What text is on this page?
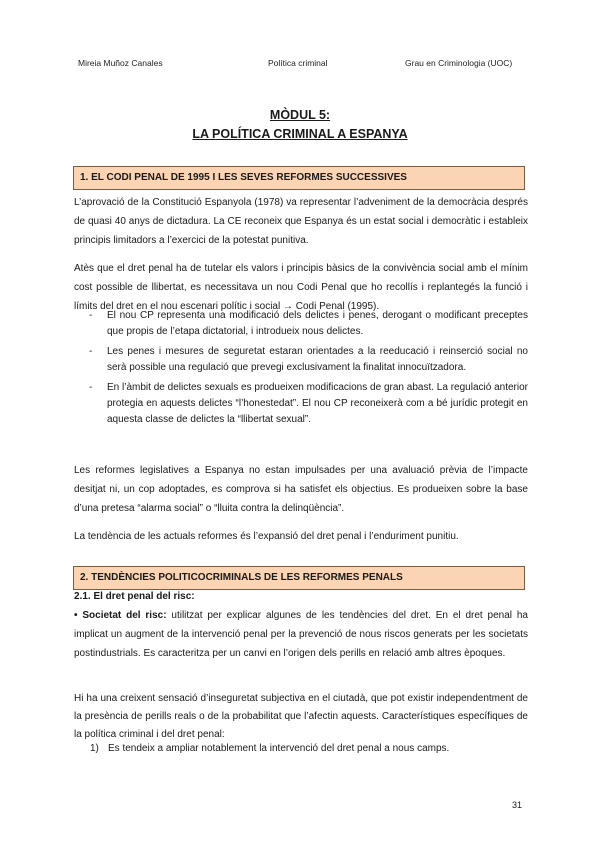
Mireia Muñoz Canales	Política criminal	Grau en Criminologia (UOC)
MÒDUL 5:
LA POLÍTICA CRIMINAL A ESPANYA
1. EL CODI PENAL DE 1995 I LES SEVES REFORMES SUCCESSIVES

L’aprovació de la Constitució Espanyola (1978) va representar l’adveniment de la democràcia després de quasi 40 anys de dictadura. La CE reconeix que Espanya és un estat social i democràtic i estableix principis limitadors a l’exercici de la potestat punitiva.

Atès que el dret penal ha de tutelar els valors i principis bàsics de la convivència social amb el mínim cost possible de llibertat, es necessitava un nou Codi Penal que ho recollís i replantegés la funció i límits del dret en el nou escenari polític i social → Codi Penal (1995).

- El nou CP representa una modificació dels delictes i penes, derogant o modificant preceptes que propis de l’etapa dictatorial, i introdueix nous delictes.
- Les penes i mesures de seguretat estaran orientades a la reeducació i reinserció social no serà possible una regulació que prevegi exclusivament la finalitat innocuïtzadora.
- En l’àmbit de delictes sexuals es produeixen modificacions de gran abast. La regulació anterior protegia en aquests delictes “l’honestedat”. El nou CP reconeixerà com a bé jurídic protegit en aquesta classe de delictes la “llibertat sexual”.

Les reformes legislatives a Espanya no estan impulsades per una avaluació prèvia de l’impacte desitjat ni, un cop adoptades, es comprova si ha satisfet els objectius. Es produeixen sobre la base d’una pretesa “alarma social” o “lluita contra la delinqüència”.

La tendència de les actuals reformes és l’expansió del dret penal i l’enduriment punitiu.

2. TENDÈNCIES POLITICOCRIMINALS DE LES REFORMES PENALS
2.1. El dret penal del risc:

• Societat del risc: utilitzat per explicar algunes de les tendències del dret. En el dret penal ha implicat un augment de la intervenció penal per la prevenció de nous riscos generats per les societats postindustrials. Es caracteritza per un canvi en l’origen dels perills en relació amb altres èpoques.

Hi ha una creixent sensació d’inseguretat subjectiva en el ciutadà, que pot existir independentment de la presència de perills reals o de la probabilitat que l’afectin aquests. Característiques específiques de la política criminal i del dret penal:

1) Es tendeix a ampliar notablement la intervenció del dret penal a nous camps.
31
